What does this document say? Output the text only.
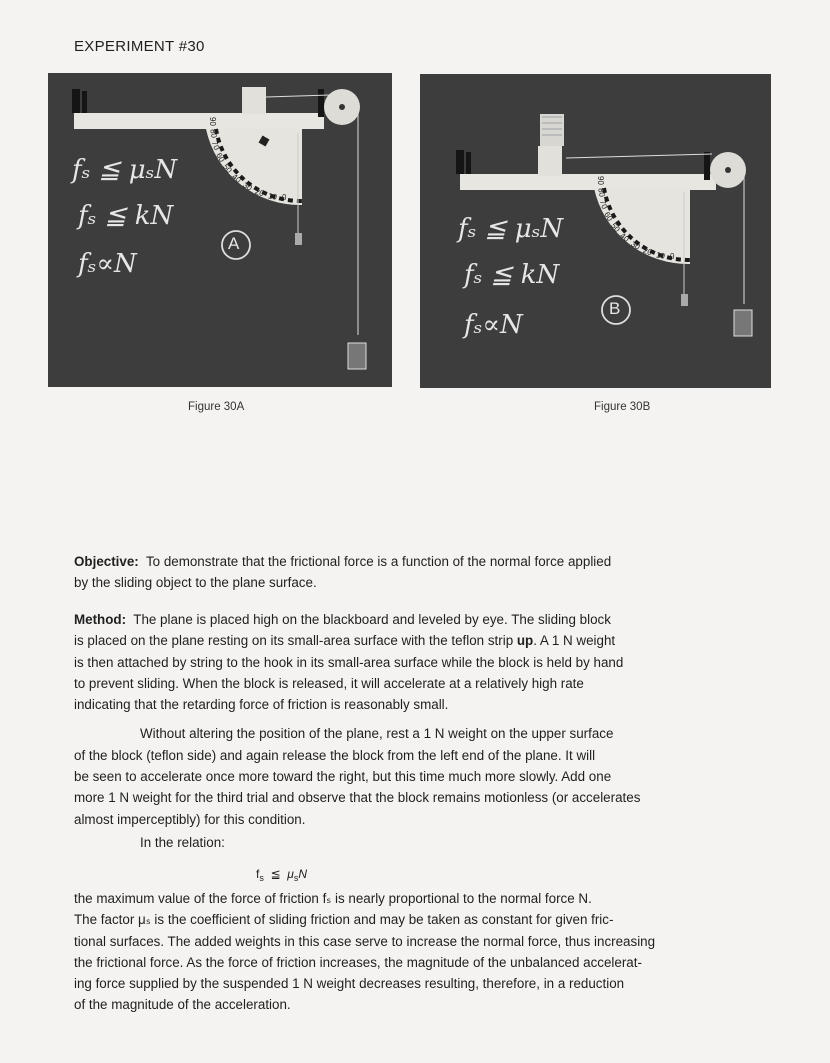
EXPERIMENT #30
90
80
70
60
50
40
30 20 10 0
fₛ ≦ μₛN
fₛ ≦ kN
fₛ∝N
A
90
80
70
60
50
40
30 20 10 0
fₛ ≦ μₛN
fₛ ≦ kN
fₛ∝N
B
Figure 30A	Figure 30B
Objective: To demonstrate that the frictional force is a function of the normal force applied
by the sliding object to the plane surface.
Method: The plane is placed high on the blackboard and leveled by eye. The sliding block
is placed on the plane resting on its small-area surface with the teflon strip up. A 1 N weight
is then attached by string to the hook in its small-area surface while the block is held by hand
to prevent sliding. When the block is released, it will accelerate at a relatively high rate
indicating that the retarding force of friction is reasonably small.
Without altering the position of the plane, rest a 1 N weight on the upper surface
of the block (teflon side) and again release the block from the left end of the plane. It will
be seen to accelerate once more toward the right, but this time much more slowly. Add one
more 1 N weight for the third trial and observe that the block remains motionless (or accelerates
almost imperceptibly) for this condition.
In the relation:
$f_s$ ≦ $\mu_sN$
the maximum value of the force of friction fₛ is nearly proportional to the normal force N.
The factor μₛ is the coefficient of sliding friction and may be taken as constant for given fric-
tional surfaces. The added weights in this case serve to increase the normal force, thus increasing
the frictional force. As the force of friction increases, the magnitude of the unbalanced accelerat-
ing force supplied by the suspended 1 N weight decreases resulting, therefore, in a reduction
of the magnitude of the acceleration.
